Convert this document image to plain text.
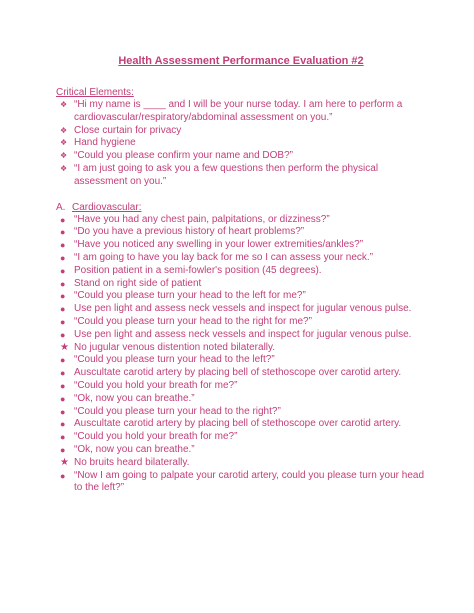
Health Assessment Performance Evaluation #2
Critical Elements:
❖ “Hi my name is ____ and I will be your nurse today. I am here to perform a cardiovascular/respiratory/abdominal assessment on you.”
❖ Close curtain for privacy
❖ Hand hygiene
❖ “Could you please confirm your name and DOB?”
❖ “I am just going to ask you a few questions then perform the physical assessment on you.”
A. Cardiovascular:
● “Have you had any chest pain, palpitations, or dizziness?”
● “Do you have a previous history of heart problems?”
● “Have you noticed any swelling in your lower extremities/ankles?”
● “I am going to have you lay back for me so I can assess your neck.”
● Position patient in a semi-fowler's position (45 degrees).
● Stand on right side of patient
● “Could you please turn your head to the left for me?”
● Use pen light and assess neck vessels and inspect for jugular venous pulse.
● “Could you please turn your head to the right for me?”
● Use pen light and assess neck vessels and inspect for jugular venous pulse.
★ No jugular venous distention noted bilaterally.
● “Could you please turn your head to the left?”
● Auscultate carotid artery by placing bell of stethoscope over carotid artery.
● “Could you hold your breath for me?”
● “Ok, now you can breathe.”
● “Could you please turn your head to the right?”
● Auscultate carotid artery by placing bell of stethoscope over carotid artery.
● “Could you hold your breath for me?”
● “Ok, now you can breathe.”
★ No bruits heard bilaterally.
● “Now I am going to palpate your carotid artery, could you please turn your head to the left?”
